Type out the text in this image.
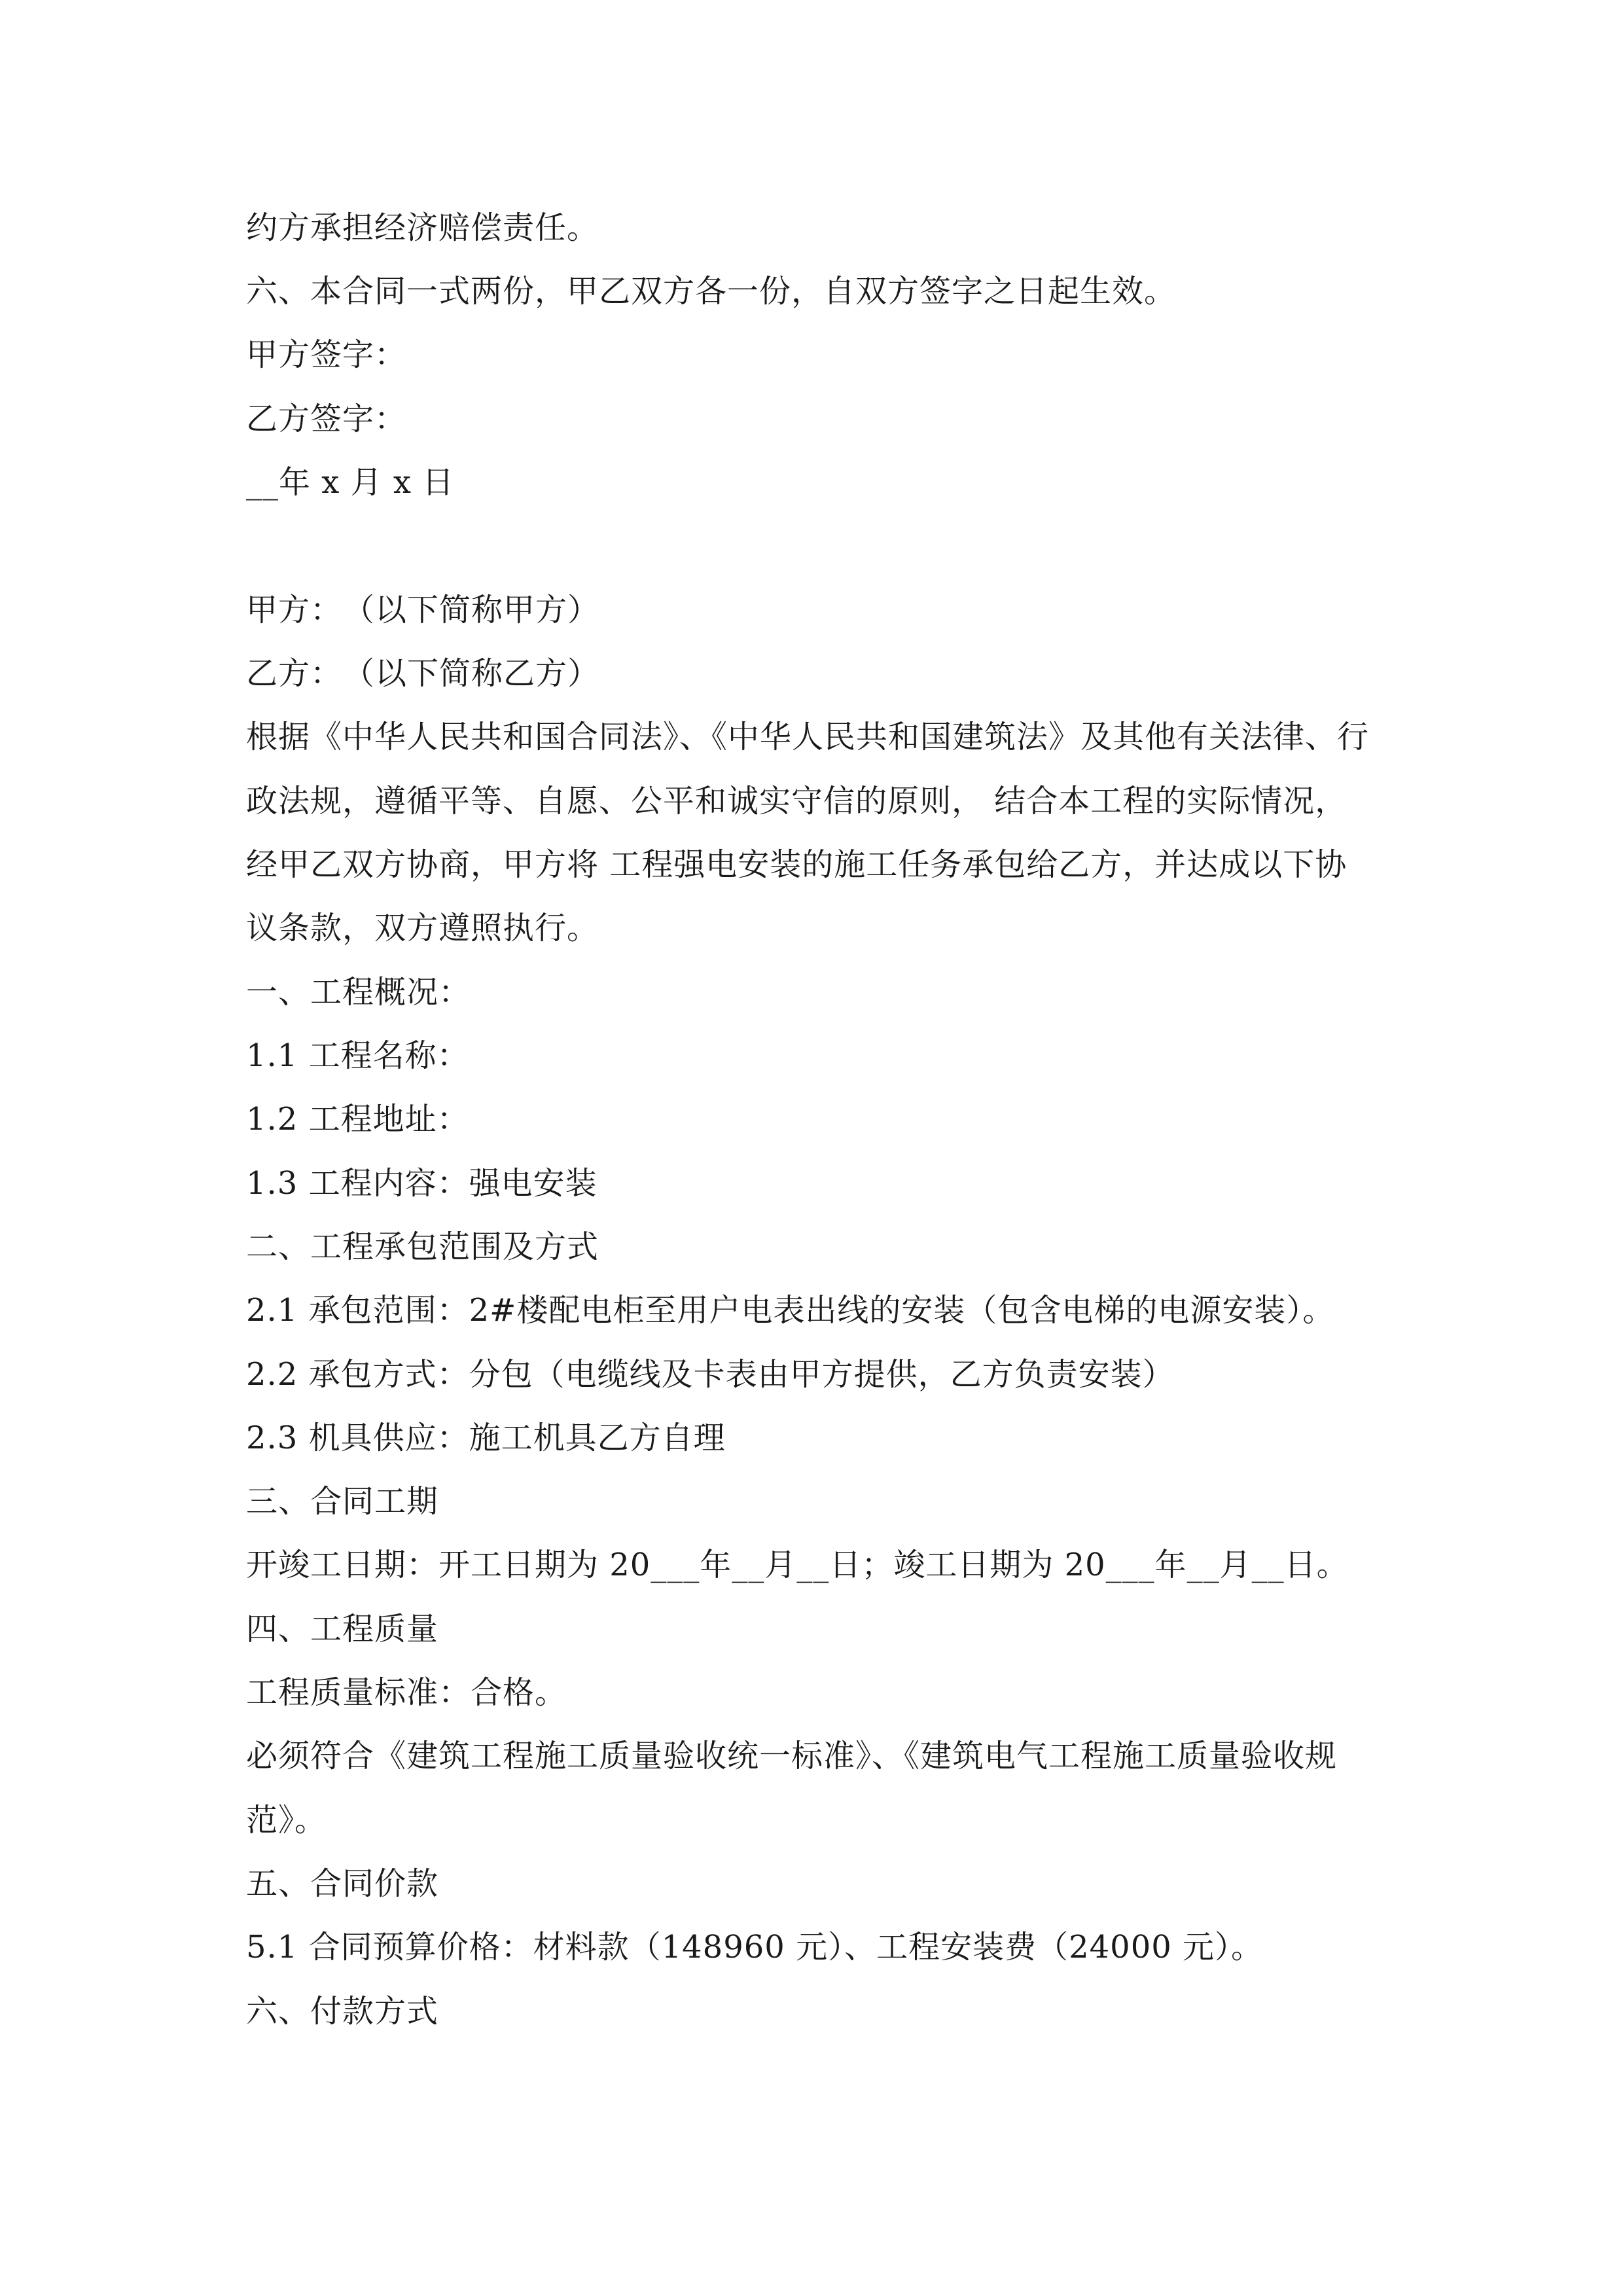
约方承担经济赔偿责任。

六、本合同一式两份，甲乙双方各一份，自双方签字之日起生效。

甲方签字：

乙方签字：

__年 x 月 x 日

甲方：　（以下简称甲方）

乙方：　（以下简称乙方）

根据《中华人民共和国合同法》、《中华人民共和国建筑法》及其他有关法律、行

政法规，遵循平等、自愿、公平和诚实守信的原则， 结合本工程的实际情况，

经甲乙双方协商，甲方将 工程强电安装的施工任务承包给乙方，并达成以下协

议条款，双方遵照执行。

一、工程概况：

1.1 工程名称：

1.2 工程地址：

1.3 工程内容：强电安装

二、工程承包范围及方式

2.1 承包范围：2#楼配电柜至用户电表出线的安装（包含电梯的电源安装）。

2.2 承包方式：分包（电缆线及卡表由甲方提供，乙方负责安装）

2.3 机具供应：施工机具乙方自理

三、合同工期

开竣工日期：开工日期为 20___年__月__日；竣工日期为 20___年__月__日。

四、工程质量

工程质量标准：合格。

必须符合《建筑工程施工质量验收统一标准》、《建筑电气工程施工质量验收规

范》。

五、合同价款

5.1 合同预算价格：材料款（148960 元）、工程安装费（24000 元）。

六、付款方式
